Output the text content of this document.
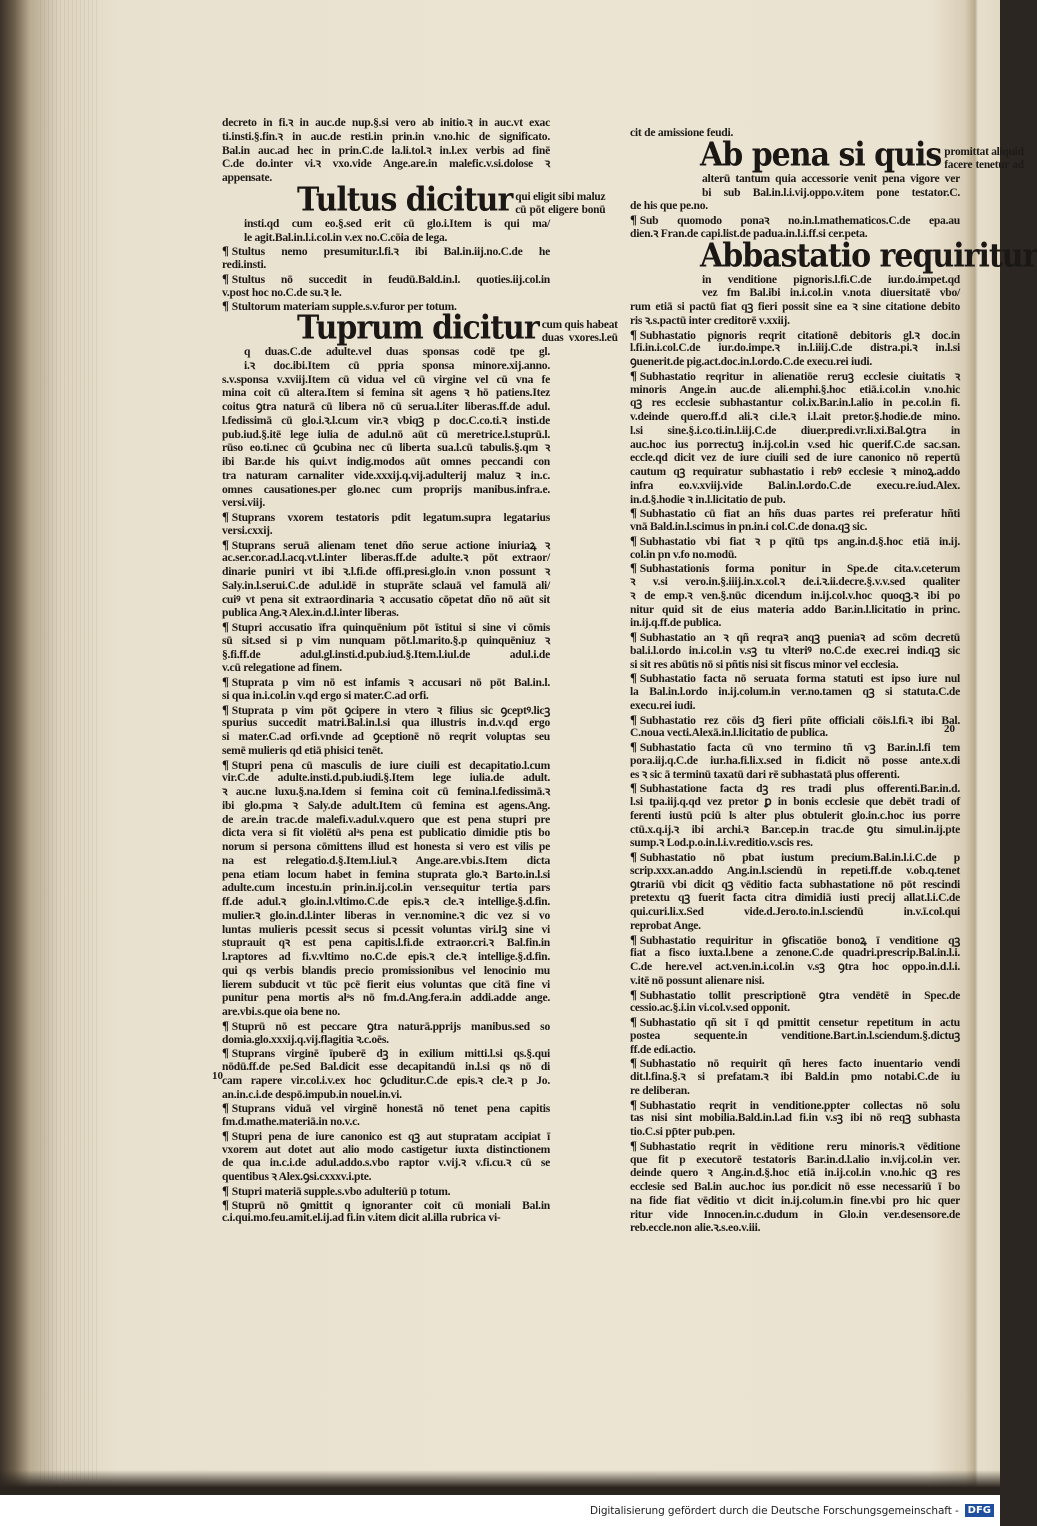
decreto in fi.ꝛ in auc.de nup.§.si vero ab initio.ꝛ in auc.vt exac
ti.insti.§.fin.ꝛ in auc.de resti.in prin.in v.no.hic de significato.
Bal.in auc.ad hec in prin.C.de la.li.tol.ꝛ in.l.ex verbis ad finē
C.de do.inter vi.ꝛ vxo.vide Ange.are.in malefic.v.si.dolose ꝛ
appensate.
Tultus dicitur qui eligit sibi maluz
cū pōt eligere bonū
insti.qd cum eo.§.sed erit cū glo.i.Item is qui ma/
le agit.Bal.in.l.i.col.in v.ex no.C.cōia de lega.
¶ Stultus nemo presumitur.l.fi.ꝛ ibi Bal.in.iij.no.C.de he
redi.insti.
¶ Stultus nō succedit in feudū.Bald.in.l. quoties.iij.col.in
v.post hoc no.C.de su.ꝛ le.
¶ Stultorum materiam supple.s.v.furor per totum.
Tuprum dicitur cum quis habeat
duas vxores.l.eū
q duas.C.de adulte.vel duas sponsas codē tpe gl.
i.ꝛ doc.ibi.Item cū ppria sponsa minore.xij.anno.
s.v.sponsa v.xviij.Item cū vidua vel cū virgine vel cū vna fe
mina coit cū altera.Item si femina sit agens ꝛ hō patiens.Itez
coitus ꝯtra naturā cū libera nō cū serua.l.iter liberas.ff.de adul.
l.fedissimā cū glo.i.ꝛ.l.cum vir.ꝛ vbiqꝫ p doc.C.co.ti.ꝛ insti.de
pub.iud.§.itē lege iulia de adul.nō aūt cū meretrice.l.stuprū.l.
rūso eo.ti.nec cū ꝯcubina nec cū liberta sua.l.cū tabulis.§.qm ꝛ
ibi Bar.de his qui.vt indig.modos aūt omnes peccandi con
tra naturam carnaliter vide.xxxij.q.vij.adulterij maluz ꝛ in.c.
omnes causationes.per glo.nec cum proprijs manibus.infra.e.
versi.viij.
¶ Stuprans vxorem testatoris pdit legatum.supra legatarius
versi.cxxij.
¶ Stuprans seruā alienam tenet dño serue actione iniuriaꝝ ꝛ
ac.ser.cor.ad.l.acq.vt.l.inter liberas.ff.de adulte.ꝛ pōt extraor/
dinarie puniri vt ibi ꝛ.l.fi.de offi.presi.glo.in v.non possunt ꝛ
Saly.in.l.serui.C.de adul.idē in stuprāte sclauā vel famulā ali/
cuiꝰ vt pena sit extraordinaria ꝛ accusatio cōpetat dño nō aūt sit
publica Ang.ꝛ Alex.in.d.l.inter liberas.
¶ Stupri accusatio īfra quinquēnium pōt īstitui si sine vi cōmis
sū sit.sed si p vim nunquam pōt.l.marito.§.p quinquēniuz ꝛ
§.fi.ff.de adul.gl.insti.d.pub.iud.§.Item.l.iul.de adul.i.de
v.cū relegatione ad finem.
¶ Stuprata p vim nō est infamis ꝛ accusari nō pōt Bal.in.l.
si qua in.i.col.in v.qd ergo si mater.C.ad orfi.
¶ Stuprata p vim pōt ꝯcipere in vtero ꝛ filius sic ꝯceptꝰ.licꝫ
spurius succedit matri.Bal.in.l.si qua illustris in.d.v.qd ergo
si mater.C.ad orfi.vnde ad ꝯceptionē nō reqrit voluptas seu
semē mulieris qd etiā phisici tenēt.
¶ Stupri pena cū masculis de iure ciuili est decapitatio.l.cum
vir.C.de adulte.insti.d.pub.iudi.§.Item lege iulia.de adult.
ꝛ auc.ne luxu.§.na.Idem si femina coit cū femina.l.fedissimā.ꝛ
ibi glo.pma ꝛ Saly.de adult.Item cū femina est agens.Ang.
de are.in trac.de malefi.v.adul.v.quero que est pena stupri pre
dicta vera si fit violētū alᵃs pena est publicatio dimidie ptis bo
norum si persona cōmittens illud est honesta si vero est vilis pe
na est relegatio.d.§.Item.l.iul.ꝛ Ange.are.vbi.s.Item dicta
pena etiam locum habet in femina stuprata glo.ꝛ Barto.in.l.si
adulte.cum incestu.in prin.in.ij.col.in ver.sequitur tertia pars
ff.de adul.ꝛ glo.in.l.vltimo.C.de epis.ꝛ cle.ꝛ intellige.§.d.fin.
mulier.ꝛ glo.in.d.l.inter liberas in ver.nomine.ꝛ dic vez si vo
luntas mulieris pcessit secus si pcessit voluntas viri.lꝫ sine vi
stuprauit qꝛ est pena capitis.l.fi.de extraor.cri.ꝛ Bal.fin.in
l.raptores ad fi.v.vltimo no.C.de epis.ꝛ cle.ꝛ intellige.§.d.fin.
qui qs verbis blandis precio promissionibus vel lenocinio mu
lierem subducit vt tūc pcē fierit eius voluntas que citā fine vi
punitur pena mortis alᵃs nō fm.d.Ang.fera.in addi.adde ange.
are.vbi.s.que oia bene no.
¶ Stuprū nō est peccare ꝯtra naturā.pprijs manibus.sed so
domia.glo.xxxij.q.vij.flagitia ꝛ.c.oēs.
¶ Stuprans virginē īpuberē dꝫ in exilium mitti.l.si qs.§.qui
nōdū.ff.de pe.Sed Bal.dicit esse decapitandū in.l.si qs nō di
cam rapere vir.col.i.v.ex hoc ꝯcluditur.C.de epis.ꝛ cle.ꝛ p Jo.
an.in.c.i.de despō.impub.in nouel.in.vi.
¶ Stuprans viduā vel virginē honestā nō tenet pena capitis
fm.d.mathe.materiā.in no.v.c.
¶ Stupri pena de iure canonico est qꝫ aut stupratam accipiat ī
vxorem aut dotet aut alio modo castigetur iuxta distinctionem
de qua in.c.i.de adul.addo.s.vbo raptor v.vij.ꝛ v.fi.cu.ꝛ cū se
quentibus ꝛ Alex.ꝯsi.cxxxv.i.pte.
¶ Stupri materiā supple.s.vbo adulteriū p totum.
¶ Stuprū nō ꝯmittit q ignoranter coit cū moniali Bal.in
c.i.qui.mo.feu.amit.el.ij.ad fi.in v.item dicit al.illa rubrica vi-
cit de amissione feudi.
Ab pena si quis promittat aliquid
facere tenetur ad
alterū tantum quia accessorie venit pena vigore ver
bi sub Bal.in.l.i.vij.oppo.v.item pone testator.C.
de his que pe.no.
¶ Sub quomodo ponaꝛ no.in.l.mathematicos.C.de epa.au
dien.ꝛ Fran.de capi.list.de padua.in.l.i.ff.si cer.peta.
Abbastatio requiritur
in venditione pignoris.l.fi.C.de iur.do.impet.qd
vez fm Bal.ibi in.i.col.in v.nota diuersitatē vbo/
rum etiā si pactū fiat qꝫ fieri possit sine ea ꝛ sine citatione debito
ris ꝛ.s.pactū inter creditorē v.xxiij.
¶ Subhastatio pignoris reqrit citationē debitoris gl.ꝛ doc.in
l.fi.in.i.col.C.de iur.do.impe.ꝛ in.l.iiij.C.de distra.pi.ꝛ in.l.si
ꝯuenerit.de pig.act.doc.in.l.ordo.C.de execu.rei iudi.
¶ Subhastatio reqritur in alienatiōe reruꝫ ecclesie ciuitatis ꝛ
minoris Ange.in auc.de ali.emphi.§.hoc etiā.i.col.in v.no.hic
qꝫ res ecclesie subhastantur col.ix.Bar.in.l.alio in pe.col.in fi.
v.deinde quero.ff.d ali.ꝛ ci.le.ꝛ i.l.ait pretor.§.hodie.de mino.
l.si sine.§.i.co.ti.in.l.iij.C.de diuer.predi.vr.li.xi.Bal.ꝯtra in
auc.hoc ius porrectuꝫ in.ij.col.in v.sed hic querif.C.de sac.san.
eccle.qd dicit vez de iure ciuili sed de iure canonico nō repertū
cautum qꝫ requiratur subhastatio i rebꝰ ecclesie ꝛ minoꝝ.addo
infra eo.v.xviij.vide Bal.in.l.ordo.C.de execu.re.iud.Alex.
in.d.§.hodie ꝛ in.l.licitatio de pub.
¶ Subhastatio cū fiat an hñs duas partes rei preferatur hñti
vnā Bald.in.l.scimus in pn.in.i col.C.de dona.qꝫ sic.
¶ Subhastatio vbi fiat ꝛ p qītū tps ang.in.d.§.hoc etiā in.ij.
col.in pn v.fo no.modū.
¶ Subhastationis forma ponitur in Spe.de cita.v.ceterum
ꝛ v.si vero.in.§.iiij.in.x.col.ꝛ de.i.ꝛ.ii.decre.§.v.v.sed qualiter
ꝛ de emp.ꝛ ven.§.nūc dicendum in.ij.col.v.hoc quoqꝫ.ꝛ ibi po
nitur quid sit de eius materia addo Bar.in.l.licitatio in princ.
in.ij.q.ff.de publica.
¶ Subhastatio an ꝛ qñ reqraꝛ anqꝫ pueniaꝛ ad scōm decretū
bal.i.l.ordo in.i.col.in v.sꝫ tu vlteriꝰ no.C.de exec.rei indi.qꝫ sic
si sit res abūtis nō si pñtis nisi sit fiscus minor vel ecclesia.
¶ Subhastatio facta nō seruata forma statuti est ipso iure nul
la Bal.in.l.ordo in.ij.colum.in ver.no.tamen qꝫ si statuta.C.de
execu.rei iudi.
¶ Subhastatio rez cōis dꝫ fieri pñte officiali cōis.l.fi.ꝛ ibi Bal.
C.noua vecti.Alexā.in.l.licitatio de publica.
¶ Subhastatio facta cū vno termino tñ vꝫ Bar.in.l.fi tem
pora.iij.q.C.de iur.ha.fi.li.x.sed in fi.dicit nō posse ante.x.di
es ꝛ sic ā terminū taxatū dari rē subhastatā plus offerenti.
¶ Subhastatione facta dꝫ res tradi plus offerenti.Bar.in.d.
l.si tpa.iij.q.qd vez pretor ꝑ in bonis ecclesie que debēt tradi of
ferenti iustū pciū ls alter plus obtulerit glo.in.c.hoc ius porre
ctū.x.q.ij.ꝛ ibi archi.ꝛ Bar.cep.in trac.de ꝯtu simul.in.ij.pte
sump.ꝛ Lod.p.o.in.l.i.v.reditio.v.scis res.
¶ Subhastatio nō pbat iustum precium.Bal.in.l.i.C.de p
scrip.xxx.an.addo Ang.in.l.sciendū in repeti.ff.de v.ob.q.tenet
ꝯtrariū vbi dicit qꝫ vēditio facta subhastatione nō pōt rescindi
pretextu qꝫ fuerit facta citra dimidiā iusti precij allat.l.i.C.de
qui.curi.li.x.Sed vide.d.Jero.to.in.l.sciendū in.v.ī.col.qui
reprobat Ange.
¶ Subhastatio requiritur in ꝯfiscatiōe bonoꝝ ī venditione qꝫ
fiat a fisco iuxta.l.bene a zenone.C.de quadri.prescrip.Bal.in.l.i.
C.de here.vel act.ven.in.i.col.in v.sꝫ ꝯtra hoc oppo.in.d.l.i.
v.itē nō possunt alienare nisi.
¶ Subhastatio tollit prescriptionē ꝯtra vendētē in Spec.de
cessio.ac.§.i.in vi.col.v.sed opponit.
¶ Subhastatio qñ sit ī qd pmittit censetur repetitum in actu
postea sequente.in venditione.Bart.in.l.sciendum.§.dictuꝫ
ff.de edi.actio.
¶ Subhastatio nō requirit qñ heres facto inuentario vendi
dit.l.fina.§.ꝛ si prefatam.ꝛ ibi Bald.in pmo notabi.C.de iu
re deliberan.
¶ Subhastatio reqrit in venditione.ppter collectas nō solu
tas nisi sint mobilia.Bald.in.l.ad fi.in v.sꝫ ibi nō reqꝫ subhasta
tio.C.si pp̄ter pub.pen.
¶ Subhastatio reqrit in vēditione reru minoris.ꝛ vēditione
que fit p executorē testatoris Bar.in.d.l.alio in.vij.col.in ver.
deinde quero ꝛ Ang.in.d.§.hoc etiā in.ij.col.in v.no.hic qꝫ res
ecclesie sed Bal.in auc.hoc ius por.dicit nō esse necessariū ī bo
na fide fiat vēditio vt dicit in.ij.colum.in fine.vbi pro hic quer
ritur vide Innocen.in.c.dudum in Glo.in ver.desensore.de
reb.eccle.non alie.ꝛ.s.eo.v.iii.
10
20
Digitalisierung gefördert durch die Deutsche Forschungsgemeinschaft - DFG
